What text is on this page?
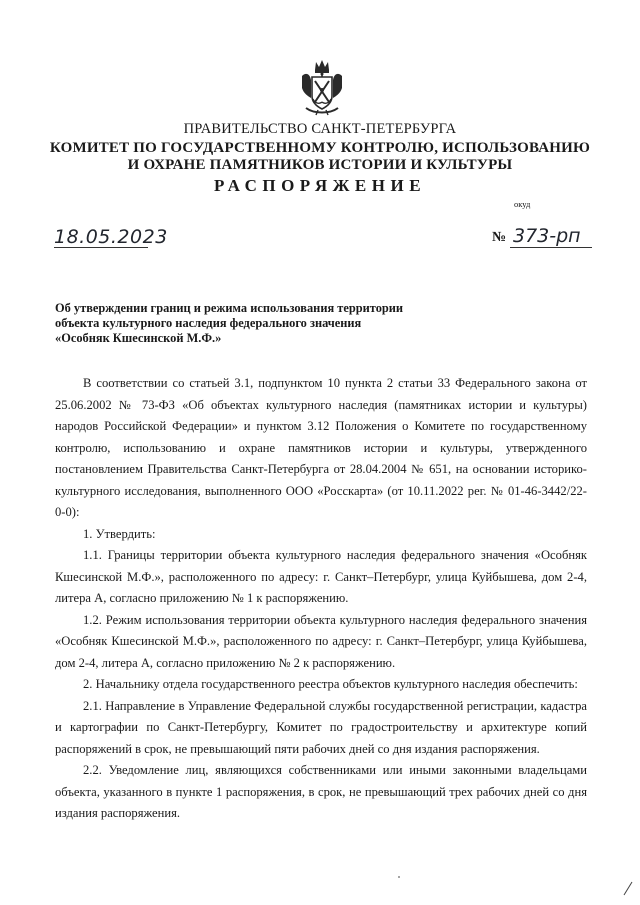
ПРАВИТЕЛЬСТВО САНКТ-ПЕТЕРБУРГА
КОМИТЕТ ПО ГОСУДАРСТВЕННОМУ КОНТРОЛЮ, ИСПОЛЬЗОВАНИЮ
И ОХРАНЕ ПАМЯТНИКОВ ИСТОРИИ И КУЛЬТУРЫ
РАСПОРЯЖЕНИЕ
окуд
18.05.2023	№ 373-рп
Об утверждении границ и режима использования территории
объекта культурного наследия федерального значения
«Особняк Кшесинской М.Ф.»

В соответствии со статьей 3.1, подпунктом 10 пункта 2 статьи 33 Федерального закона от 25.06.2002 № 73-ФЗ «Об объектах культурного наследия (памятниках истории и культуры) народов Российской Федерации» и пунктом 3.12 Положения о Комитете по государственному контролю, использованию и охране памятников истории и культуры, утвержденного постановлением Правительства Санкт-Петербурга от 28.04.2004 № 651, на основании историко-культурного исследования, выполненного ООО «Росскарта» (от 10.11.2022 рег. № 01-46-3442/22-0-0):

1. Утвердить:

1.1. Границы территории объекта культурного наследия федерального значения «Особняк Кшесинской М.Ф.», расположенного по адресу: г. Санкт–Петербург, улица Куйбышева, дом 2-4, литера А, согласно приложению № 1 к распоряжению.

1.2. Режим использования территории объекта культурного наследия федерального значения «Особняк Кшесинской М.Ф.», расположенного по адресу: г. Санкт–Петербург, улица Куйбышева, дом 2-4, литера А, согласно приложению № 2 к распоряжению.

2. Начальнику отдела государственного реестра объектов культурного наследия обеспечить:

2.1. Направление в Управление Федеральной службы государственной регистрации, кадастра и картографии по Санкт-Петербургу, Комитет по градостроительству и архитектуре копий распоряжений в срок, не превышающий пяти рабочих дней со дня издания распоряжения.

2.2. Уведомление лиц, являющихся собственниками или иными законными владельцами объекта, указанного в пункте 1 распоряжения, в срок, не превышающий трех рабочих дней со дня издания распоряжения.
